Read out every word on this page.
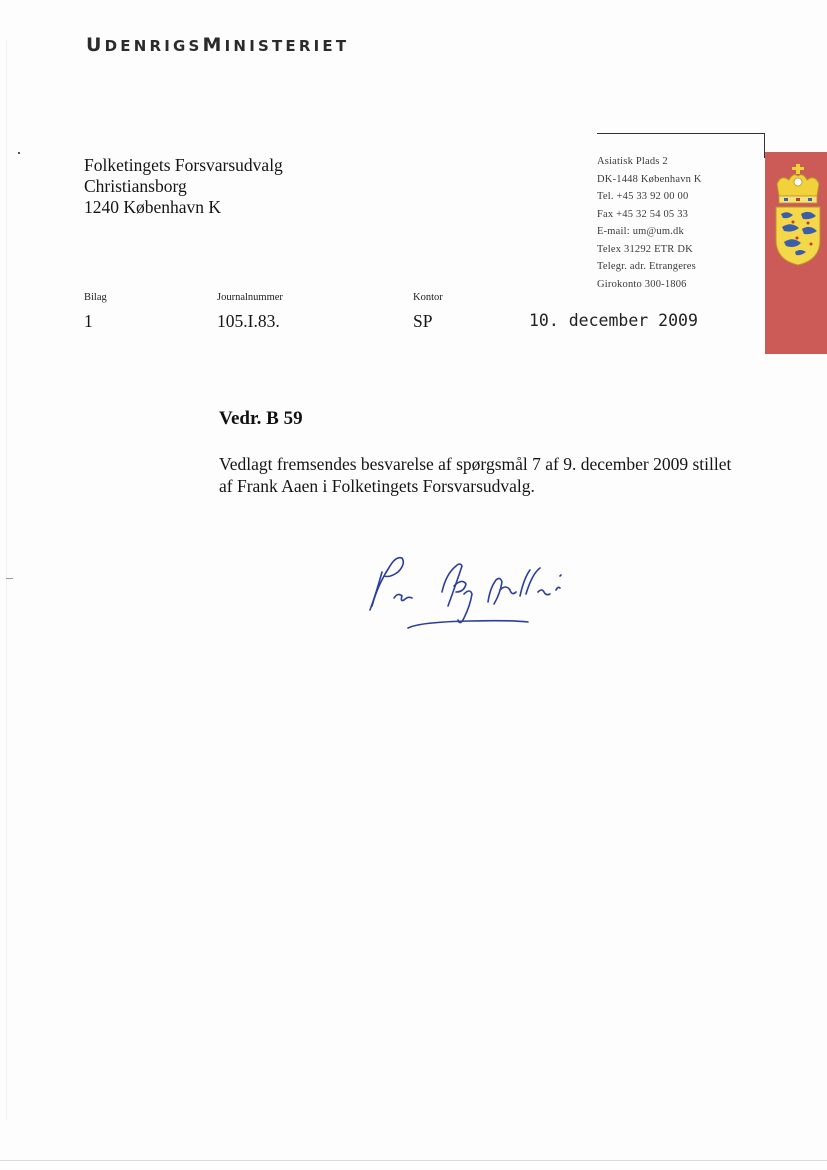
UDENRIGSMINISTERIET
Folketingets Forsvarsudvalg
Christiansborg
1240 København K
Asiatisk Plads 2
DK-1448 København K
Tel. +45 33 92 00 00
Fax +45 32 54 05 33
E-mail: um@um.dk
Telex 31292 ETR DK
Telegr. adr. Etrangeres
Girokonto 300-1806
Bilag
1
Journalnummer
105.I.83.
Kontor
SP	10. december 2009
Vedr. B 59
Vedlagt fremsendes besvarelse af spørgsmål 7 af 9. december 2009 stillet
af Frank Aaen i Folketingets Forsvarsudvalg.
